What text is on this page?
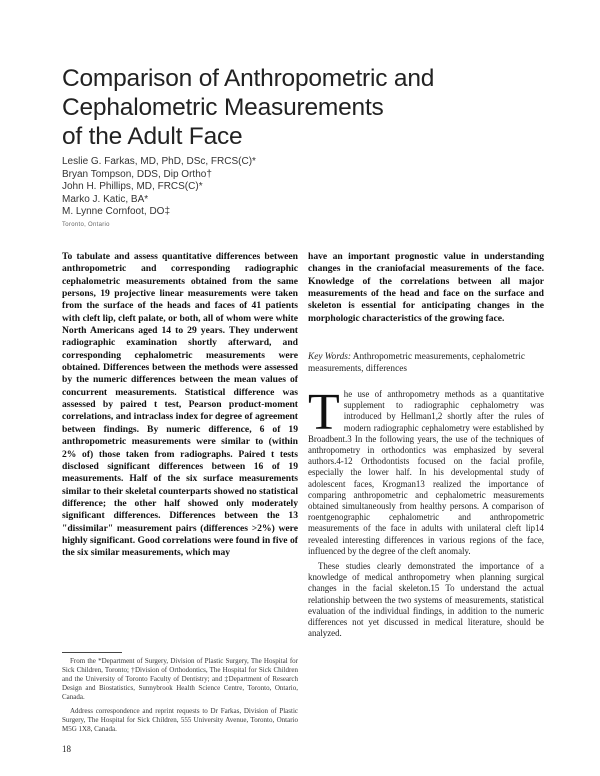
Comparison of Anthropometric and
Cephalometric Measurements
of the Adult Face
Leslie G. Farkas, MD, PhD, DSc, FRCS(C)*
Bryan Tompson, DDS, Dip Ortho†
John H. Phillips, MD, FRCS(C)*
Marko J. Katic, BA*
M. Lynne Cornfoot, DO‡
Toronto, Ontario
To tabulate and assess quantitative differences between anthropometric and corresponding radiographic cephalometric measurements obtained from the same persons, 19 projective linear measurements were taken from the surface of the heads and faces of 41 patients with cleft lip, cleft palate, or both, all of whom were white North Americans aged 14 to 29 years. They underwent radiographic examination shortly afterward, and corresponding cephalometric measurements were obtained. Differences between the methods were assessed by the numeric differences between the mean values of concurrent measurements. Statistical difference was assessed by paired t test, Pearson product-moment correlations, and intraclass index for degree of agreement between findings. By numeric difference, 6 of 19 anthropometric measurements were similar to (within 2% of) those taken from radiographs. Paired t tests disclosed significant differences between 16 of 19 measurements. Half of the six surface measurements similar to their skeletal counterparts showed no statistical difference; the other half showed only moderately significant differences. Differences between the 13 "dissimilar" measurement pairs (differences >2%) were highly significant. Good correlations were found in five of the six similar measurements, which may
have an important prognostic value in understanding changes in the craniofacial measurements of the face. Knowledge of the correlations between all major measurements of the head and face on the surface and skeleton is essential for anticipating changes in the morphologic characteristics of the growing face.
Key Words: Anthropometric measurements, cephalometric measurements, differences

The use of anthropometry methods as a quantitative supplement to radiographic cephalometry was introduced by Hellman1,2 shortly after the rules of modern radiographic cephalometry were established by Broadbent.3 In the following years, the use of the techniques of anthropometry in orthodontics was emphasized by several authors.4-12 Orthodontists focused on the facial profile, especially the lower half. In his developmental study of adolescent faces, Krogman13 realized the importance of comparing anthropometric and cephalometric measurements obtained simultaneously from healthy persons. A comparison of roentgenographic cephalometric and anthropometric measurements of the face in adults with unilateral cleft lip14 revealed interesting differences in various regions of the face, influenced by the degree of the cleft anomaly.

These studies clearly demonstrated the importance of a knowledge of medical anthropometry when planning surgical changes in the facial skeleton.15 To understand the actual relationship between the two systems of measurements, statistical evaluation of the individual findings, in addition to the numeric differences not yet discussed in medical literature, should be analyzed.

From the *Department of Surgery, Division of Plastic Surgery, The Hospital for Sick Children, Toronto; †Division of Orthodontics, The Hospital for Sick Children and the University of Toronto Faculty of Dentistry; and ‡Department of Research Design and Biostatistics, Sunnybrook Health Science Centre, Toronto, Ontario, Canada.

Address correspondence and reprint requests to Dr Farkas, Division of Plastic Surgery, The Hospital for Sick Children, 555 University Avenue, Toronto, Ontario M5G 1X8, Canada.

18
